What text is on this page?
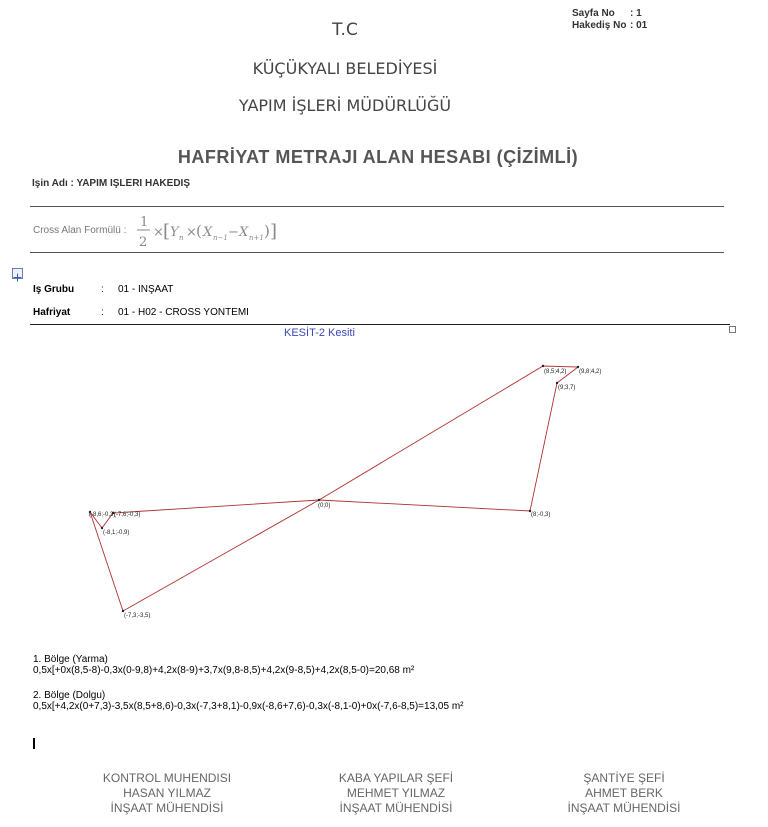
T.C
KÜÇÜKYALI BELEDİYESİ
YAPIM İŞLERİ MÜDÜRLÜĞÜ
Sayfa No : 1
Hakediş No : 01
HAFRİYAT METRAJI ALAN HESABI (ÇİZİMLİ)
Işin Adı : YAPIM IŞLERI HAKEDIŞ
Cross Alan Formülü :
1
2
× [ Y n × ( X n−1 − X n+1 ) ]
Iş Grubu	: 01 - INŞAAT
Hafriyat	: 01 - H02 - CROSS YONTEMI
KESİT-2 Kesiti
(8,5;4,2) (9,8;4,2)
(9;3,7)
(8;-0,3)
(0;0)
(-8,6;-0,3)
(-7,6;-0,3)
(-8,1;-0,9)
(-7,3;-3,5)
1. Bölge (Yarma)
0,5x[+0x(8,5-8)-0,3x(0-9,8)+4,2x(8-9)+3,7x(9,8-8,5)+4,2x(9-8,5)+4,2x(8,5-0)=20,68 m²
2. Bölge (Dolgu)
0,5x[+4,2x(0+7,3)-3,5x(8,5+8,6)-0,3x(-7,3+8,1)-0,9x(-8,6+7,6)-0,3x(-8,1-0)+0x(-7,6-8,5)=13,05 m²
KONTROL MUHENDISI
HASAN YILMAZ
İNŞAAT MÜHENDİSİ
KABA YAPILAR ŞEFİ
MEHMET YILMAZ
İNŞAAT MÜHENDİSİ
ŞANTİYE ŞEFİ
AHMET BERK
İNŞAAT MÜHENDİSİ
